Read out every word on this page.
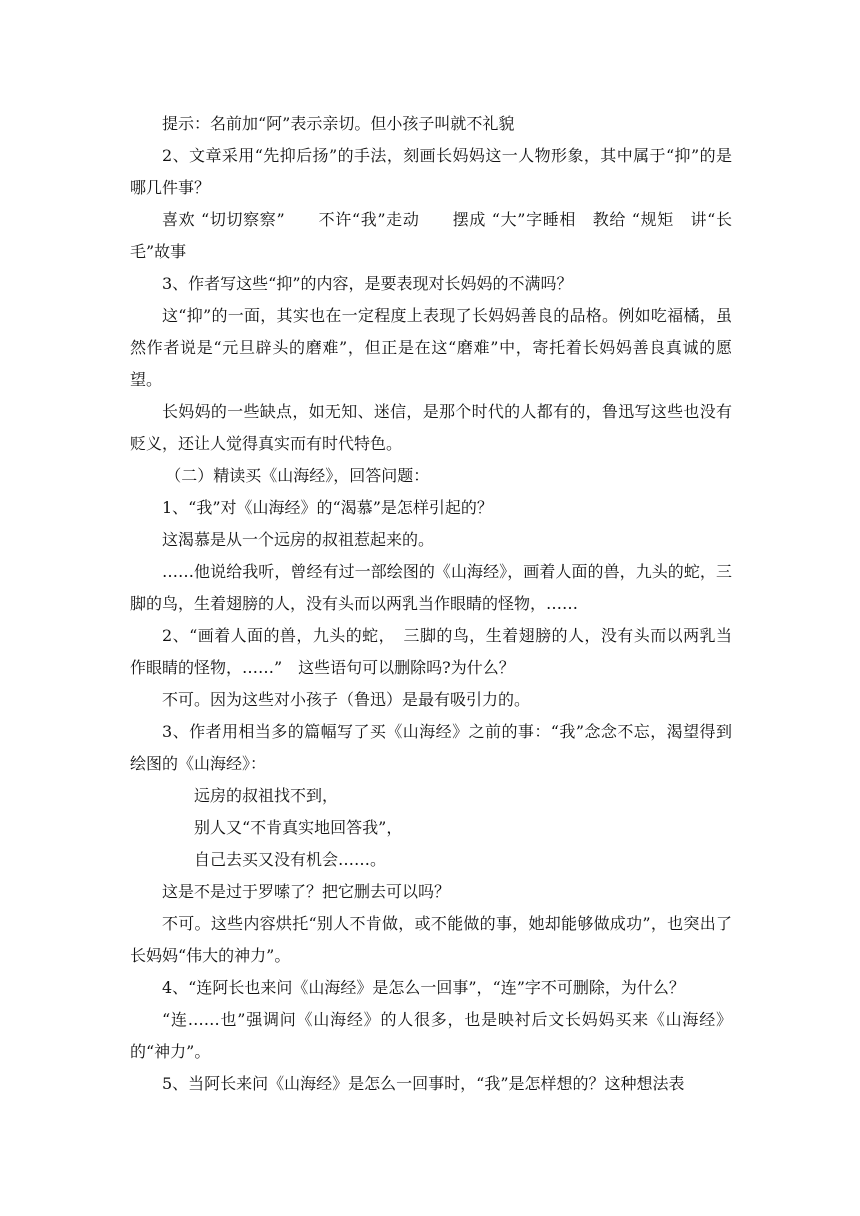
提示：名前加“阿”表示亲切。但小孩子叫就不礼貌

2、文章采用“先抑后扬”的手法，刻画长妈妈这一人物形象，其中属于“抑”的是哪几件事？

喜欢 “切切察察”　　不许“我”走动　　摆成 “大”字睡相　教给 “规矩　讲“长毛”故事

3、作者写这些“抑”的内容，是要表现对长妈妈的不满吗？

这“抑”的一面，其实也在一定程度上表现了长妈妈善良的品格。例如吃福橘，虽然作者说是“元旦辟头的磨难”，但正是在这“磨难”中，寄托着长妈妈善良真诚的愿望。

长妈妈的一些缺点，如无知、迷信，是那个时代的人都有的，鲁迅写这些也没有贬义，还让人觉得真实而有时代特色。

（二）精读买《山海经》，回答问题：

1、“我”对《山海经》的“渴慕”是怎样引起的？

这渴慕是从一个远房的叔祖惹起来的。

……他说给我听，曾经有过一部绘图的《山海经》，画着人面的兽，九头的蛇，三脚的鸟，生着翅膀的人，没有头而以两乳当作眼睛的怪物，……

2、“画着人面的兽，九头的蛇，　三脚的鸟，生着翅膀的人，没有头而以两乳当作眼睛的怪物，……”　这些语句可以删除吗?为什么？

不可。因为这些对小孩子（鲁迅）是最有吸引力的。

3、作者用相当多的篇幅写了买《山海经》之前的事：“我”念念不忘，渴望得到绘图的《山海经》：

远房的叔祖找不到，

别人又“不肯真实地回答我”，

自己去买又没有机会……。

这是不是过于罗嗦了？把它删去可以吗？

不可。这些内容烘托“别人不肯做，或不能做的事，她却能够做成功”，也突出了长妈妈“伟大的神力”。

4、“连阿长也来问《山海经》是怎么一回事”，“连”字不可删除，为什么？

“连……也”强调问《山海经》的人很多，也是映衬后文长妈妈买来《山海经》的“神力”。

5、当阿长来问《山海经》是怎么一回事时，“我”是怎样想的？这种想法表
